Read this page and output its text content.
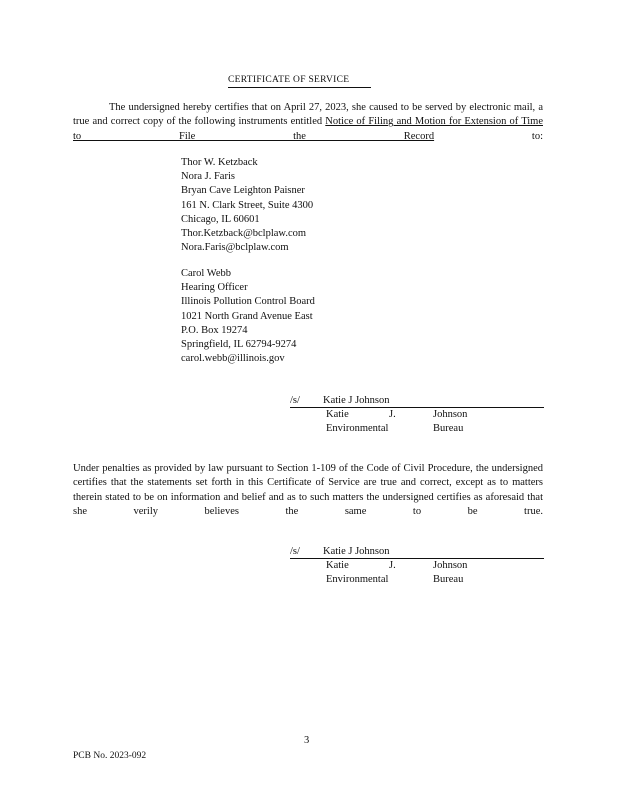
CERTIFICATE OF SERVICE
The undersigned hereby certifies that on April 27, 2023, she caused to be served by electronic mail, a true and correct copy of the following instruments entitled Notice of Filing and Motion for Extension of Time to File the Record to:
Thor W. Ketzback
Nora J. Faris
Bryan Cave Leighton Paisner
161 N. Clark Street, Suite 4300
Chicago, IL 60601
Thor.Ketzback@bclplaw.com
Nora.Faris@bclplaw.com
Carol Webb
Hearing Officer
Illinois Pollution Control Board
1021 North Grand Avenue East
P.O. Box 19274
Springfield, IL 62794-9274
carol.webb@illinois.gov
/s/ Katie J Johnson
Katie	J.	Johnson
Environmental	Bureau
Under penalties as provided by law pursuant to Section 1-109 of the Code of Civil Procedure, the undersigned certifies that the statements set forth in this Certificate of Service are true and correct, except as to matters therein stated to be on information and belief and as to such matters the undersigned certifies as aforesaid that she verily believes the same to be true.
/s/ Katie J Johnson
Katie	J.	Johnson
Environmental	Bureau
3
PCB No. 2023-092
